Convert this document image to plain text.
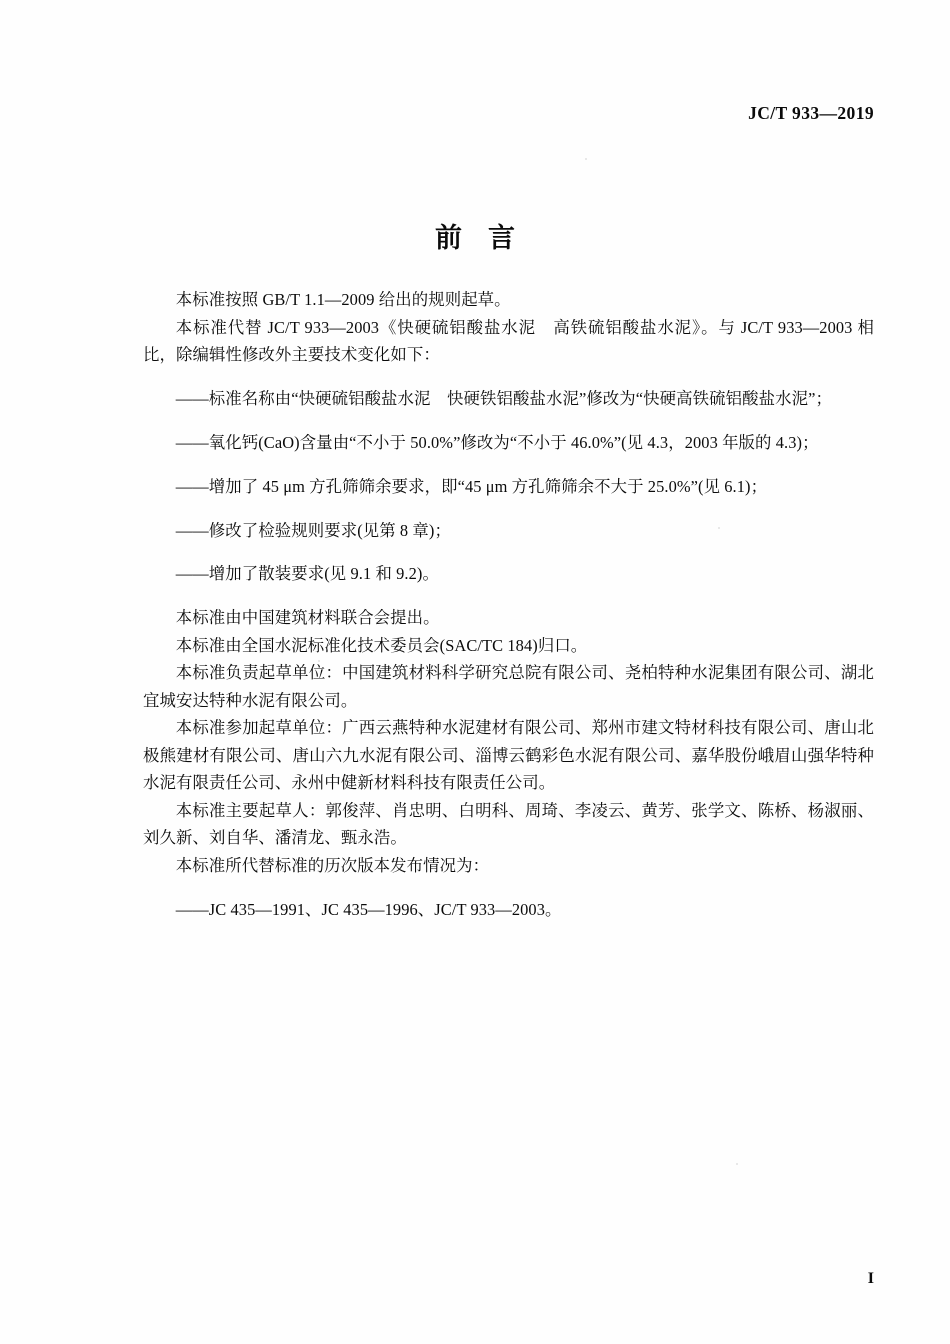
JC/T 933—2019
前言

本标准按照 GB/T 1.1—2009 给出的规则起草。

本标准代替 JC/T 933—2003《快硬硫铝酸盐水泥　高铁硫铝酸盐水泥》。与 JC/T 933—2003 相比，除编辑性修改外主要技术变化如下：

——标准名称由“快硬硫铝酸盐水泥　快硬铁铝酸盐水泥”修改为“快硬高铁硫铝酸盐水泥”；

——氧化钙(CaO)含量由“不小于 50.0%”修改为“不小于 46.0%”(见 4.3，2003 年版的 4.3)；

——增加了 45 μm 方孔筛筛余要求，即“45 μm 方孔筛筛余不大于 25.0%”(见 6.1)；

——修改了检验规则要求(见第 8 章)；

——增加了散装要求(见 9.1 和 9.2)。

本标准由中国建筑材料联合会提出。

本标准由全国水泥标准化技术委员会(SAC/TC 184)归口。

本标准负责起草单位：中国建筑材料科学研究总院有限公司、尧柏特种水泥集团有限公司、湖北宜城安达特种水泥有限公司。

本标准参加起草单位：广西云燕特种水泥建材有限公司、郑州市建文特材科技有限公司、唐山北极熊建材有限公司、唐山六九水泥有限公司、淄博云鹤彩色水泥有限公司、嘉华股份峨眉山强华特种水泥有限责任公司、永州中健新材料科技有限责任公司。

本标准主要起草人：郭俊萍、肖忠明、白明科、周琦、李凌云、黄芳、张学文、陈桥、杨淑丽、刘久新、刘自华、潘清龙、甄永浩。

本标准所代替标准的历次版本发布情况为：

——JC 435—1991、JC 435—1996、JC/T 933—2003。

I
